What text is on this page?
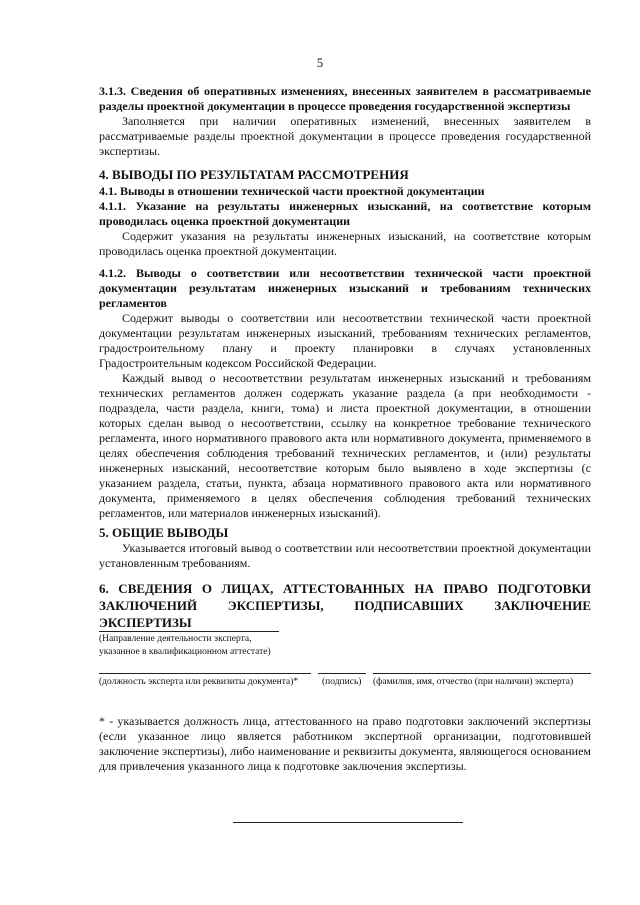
5
3.1.3. Сведения об оперативных изменениях, внесенных заявителем в рассматриваемые разделы проектной документации в процессе проведения государственной экспертизы
Заполняется при наличии оперативных изменений, внесенных заявителем в рассматриваемые разделы проектной документации в процессе проведения государственной экспертизы.
4. ВЫВОДЫ ПО РЕЗУЛЬТАТАМ РАССМОТРЕНИЯ
4.1. Выводы в отношении технической части проектной документации
4.1.1. Указание на результаты инженерных изысканий, на соответствие которым проводилась оценка проектной документации
Содержит указания на результаты инженерных изысканий, на соответствие которым проводилась оценка проектной документации.
4.1.2. Выводы о соответствии или несоответствии технической части проектной документации результатам инженерных изысканий и требованиям технических регламентов
Содержит выводы о соответствии или несоответствии технической части проектной документации результатам инженерных изысканий, требованиям технических регламентов, градостроительному плану и проекту планировки в случаях установленных Градостроительным кодексом Российской Федерации.
Каждый вывод о несоответствии результатам инженерных изысканий и требованиям технических регламентов должен содержать указание раздела (а при необходимости - подраздела, части раздела, книги, тома) и листа проектной документации, в отношении которых сделан вывод о несоответствии, ссылку на конкретное требование технического регламента, иного нормативного правового акта или нормативного документа, применяемого в целях обеспечения соблюдения требований технических регламентов, и (или) результаты инженерных изысканий, несоответствие которым было выявлено в ходе экспертизы (с указанием раздела, статьи, пункта, абзаца нормативного правового акта или нормативного документа, применяемого в целях обеспечения соблюдения требований технических регламентов, или материалов инженерных изысканий).
5. ОБЩИЕ ВЫВОДЫ
Указывается итоговый вывод о соответствии или несоответствии проектной документации установленным требованиям.
6. СВЕДЕНИЯ О ЛИЦАХ, АТТЕСТОВАННЫХ НА ПРАВО ПОДГОТОВКИ ЗАКЛЮЧЕНИЙ ЭКСПЕРТИЗЫ, ПОДПИСАВШИХ ЗАКЛЮЧЕНИЕ ЭКСПЕРТИЗЫ
(Направление деятельности эксперта,
указанное в квалификационном аттестате)
(должность эксперта или реквизиты документа)*	(подпись) (фамилия, имя, отчество (при наличии) эксперта)
* - указывается должность лица, аттестованного на право подготовки заключений экспертизы (если указанное лицо является работником экспертной организации, подготовившей заключение экспертизы), либо наименование и реквизиты документа, являющегося основанием для привлечения указанного лица к подготовке заключения экспертизы.
